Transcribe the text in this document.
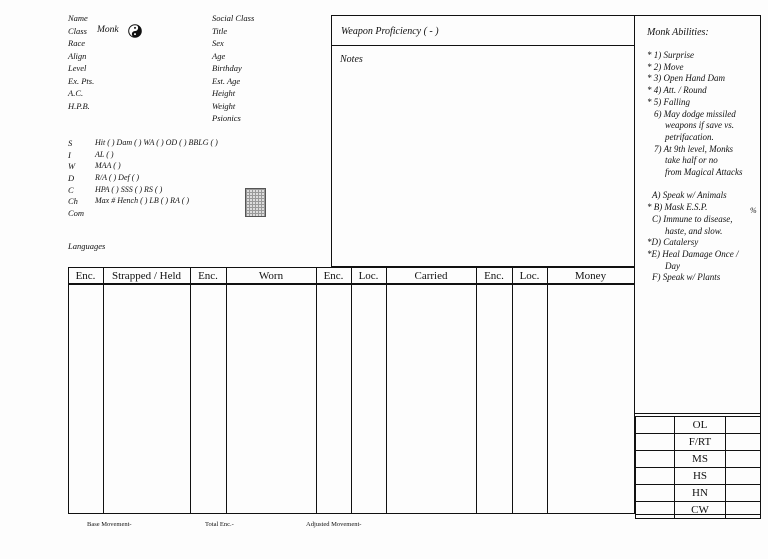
Name
Class
Race
Align
Level
Ex. Pts.
A.C.
H.P.B.
Monk
Social Class
Title
Sex
Age
Birthday
Est. Age
Height
Weight
Psionics
S
I
W
D
C
Ch
Com
Hit ( ) Dam ( ) WA ( ) OD ( ) BBLG ( )
AL ( )
MAA ( )
R/A ( ) Def ( )
HPA ( ) SSS ( ) RS ( )
Max # Hench ( ) LB ( ) RA ( )
Languages
Weapon Proficiency ( - )
Notes
Monk Abilities:
* 1) Surprise
* 2) Move
* 3) Open Hand Dam
* 4) Att. / Round
* 5) Falling
6) May dodge missiled
weapons if save vs.
petrifacation.
7) At 9th level, Monks
take half or no
from Magical Attacks
A) Speak w/ Animals
* B) Mask E.S.P.
C) Immune to disease,
haste, and slow.
*D) Catalersy
*E) Heal Damage Once /
Day
F) Speak w/ Plants
%
Enc.	Strapped / Held	Enc.	Worn	Enc.	Loc.	Carried	Enc.	Loc.	Money
	OL	
	F/RT	
	MS	
	HS	
	HN	
	CW	
Base Movement-	Total Enc.-	Adjusted Movement-
